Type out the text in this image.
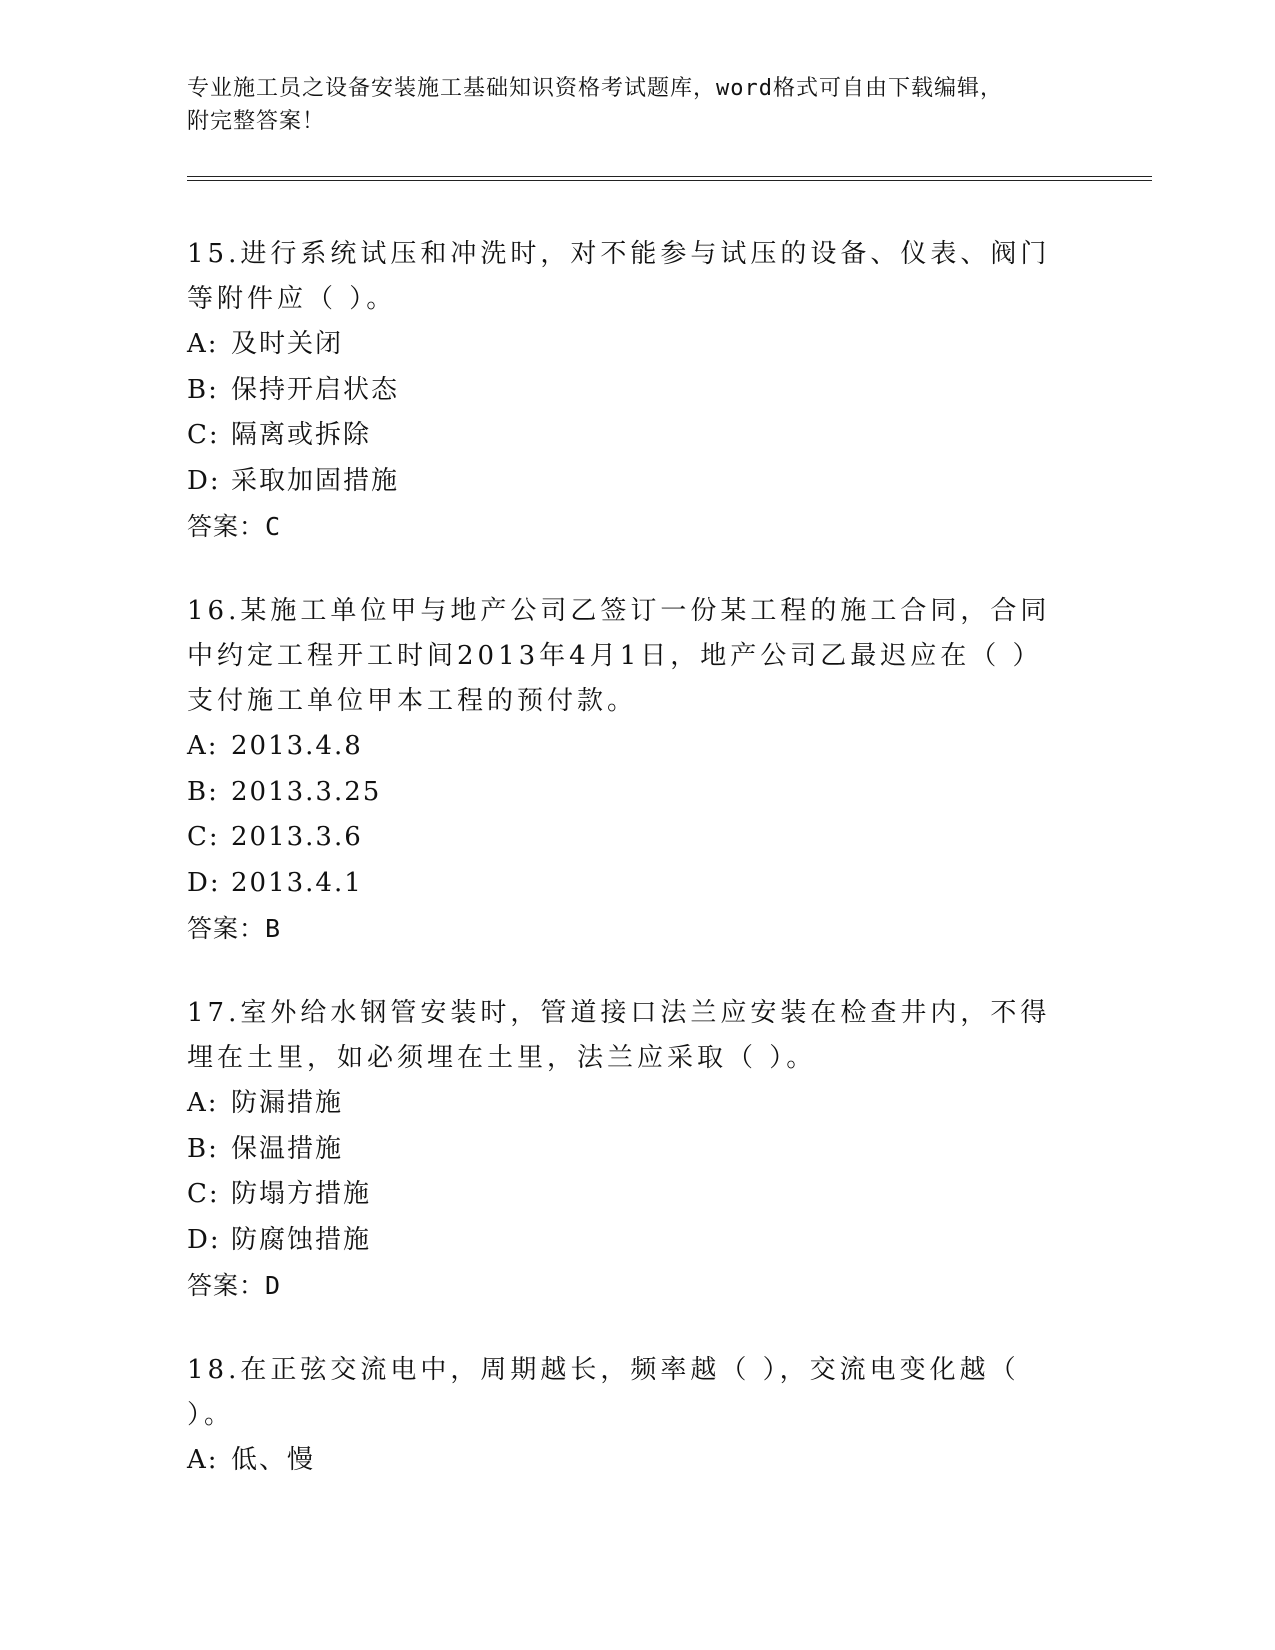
专业施工员之设备安装施工基础知识资格考试题库，word格式可自由下载编辑，
附完整答案！

15.进行系统试压和冲洗时，对不能参与试压的设备、仪表、阀门等附件应（ ）。

A: 及时关闭

B: 保持开启状态

C: 隔离或拆除

D: 采取加固措施

答案：C

16.某施工单位甲与地产公司乙签订一份某工程的施工合同，合同中约定工程开工时间2013年4月1日，地产公司乙最迟应在（ ）支付施工单位甲本工程的预付款。

A: 2013.4.8

B: 2013.3.25

C: 2013.3.6

D: 2013.4.1

答案：B

17.室外给水钢管安装时，管道接口法兰应安装在检查井内，不得埋在土里，如必须埋在土里，法兰应采取（ ）。

A: 防漏措施

B: 保温措施

C: 防塌方措施

D: 防腐蚀措施

答案：D

18.在正弦交流电中，周期越长，频率越（ ），交流电变化越（ ）。

A: 低、慢
